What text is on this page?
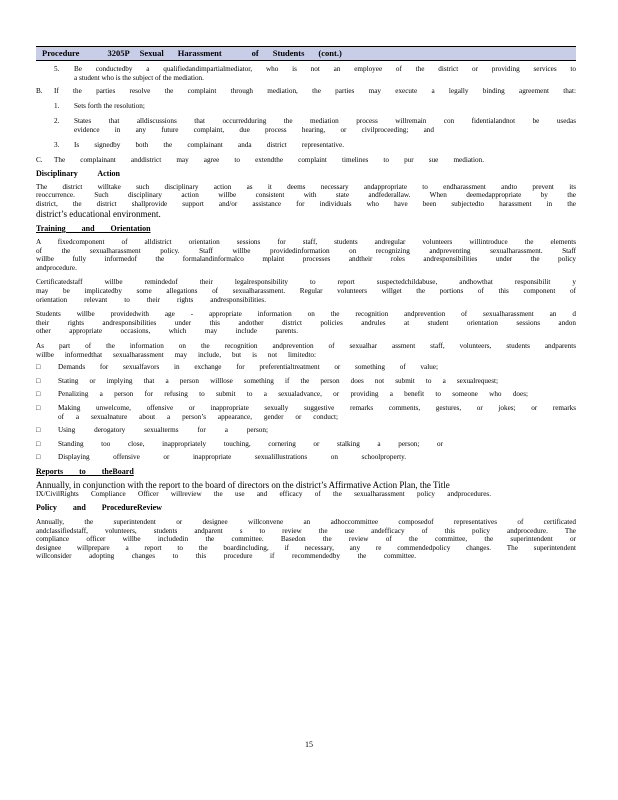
Procedure	3205P Sexual Harassment	of Students (cont.)
5.	Be conductedby a qualifiedandimpartialmediator, who is not an employee of the district or providing services to

a student who is the subject of the mediation.

B.	If the parties resolve the complaint through mediation, the parties may execute a legally binding agreement that:

1.	Sets forth the resolution;

2.	States that alldiscussions that occurredduring the mediation process willremain con fidentialandnot be usedas

evidence in any future complaint, due process hearing, or civilproceeding; and

3.	Is signedby both the complainant anda district representative.

C.	The complainant anddistrict may agree to extendthe complaint timelines to pur sue mediation.

Disciplinary Action

The district willtake such disciplinary action as it deems necessary andappropriate to endharassment andto prevent its

reoccurrence. Such disciplinary action willbe consistent with state andfederallaw. When deemedappropriate by the

district, the district shallprovide support and/or assistance for individuals who have been subjectedto harassment in the

district’s educational environment.

Training and Orientation

A fixedcomponent of alldistrict orientation sessions for staff, students andregular volunteers willintroduce the elements

of the sexualharassment policy. Staff willbe providedinformation on recognizing andpreventing sexualharassment. Staff

willbe fully informedof the formalandinformalco mplaint processes andtheir roles andresponsibilities under the policy

andprocedure.

Certificatedstaff willbe remindedof their legalresponsibility to report suspectedchildabuse, andhowthat responsibilit y

may be implicatedby some allegations of sexualharassment. Regular volunteers willget the portions of this component of

orientation relevant to their rights andresponsibilities.

Students willbe providedwith age - appropriate information on the recognition andprevention of sexualharassment an d

their rights andresponsibilities under this andother district policies andrules at student orientation sessions andon

other appropriate occasions, which may include parents.

As part of the information on the recognition andprevention of sexualhar assment staff, volunteers, students andparents

willbe informedthat sexualharassment may include, but is not limitedto:

□	Demands for sexualfavors in exchange for preferentialtreatment or something of value;
□	Stating or implying that a person willlose something if the person does not submit to a sexualrequest;
□	Penalizing a person for refusing to submit to a sexualadvance, or providing a benefit to someone who does;
□	Making unwelcome, offensive or inappropriate sexually suggestive remarks comments, gestures, or jokes; or remarks

of a sexualnature about a person’s appearance, gender or conduct;

□	Using derogatory sexualterms for a person;
□	Standing too close, inappropriately touching, cornering or stalking a person; or
□	Displaying offensive or inappropriate sexualillustrations on schoolproperty.

Reports to theBoard

Annually, in conjunction with the report to the board of directors on the district’s Affirmative Action Plan, the Title

IX/CivilRights Compliance Officer willreview the use and efficacy of the sexualharassment policy andprocedures.

Policy and ProcedureReview

Annually, the superintendent or designee willconvene an adhoccommittee composedof representatives of certificated

andclassifiedstaff, volunteers, students andparent s to review the use andefficacy of this policy andprocedure. The

compliance officer willbe includedin the committee. Basedon the review of the committee, the superintendent or

designee willprepare a report to the boardincluding, if necessary, any re commendedpolicy changes. The superintendent

willconsider adopting changes to this procedure if recommendedby the committee.

15
